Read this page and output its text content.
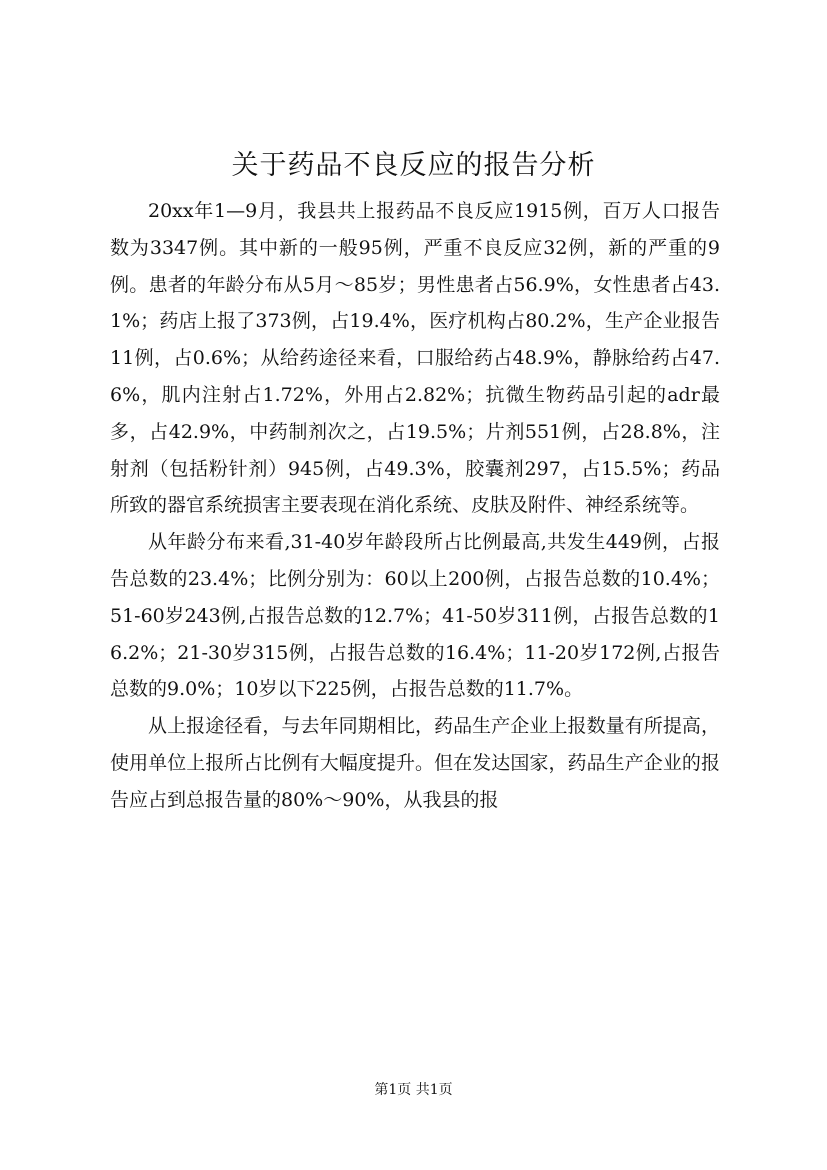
关于药品不良反应的报告分析

20xx年1—9月，我县共上报药品不良反应1915例，百万人口报告数为3347例。其中新的一般95例，严重不良反应32例，新的严重的9例。患者的年龄分布从5月～85岁；男性患者占56.9%，女性患者占43.1%；药店上报了373例，占19.4%，医疗机构占80.2%，生产企业报告11例，占0.6%；从给药途径来看，口服给药占48.9%，静脉给药占47.6%，肌内注射占1.72%，外用占2.82%；抗微生物药品引起的adr最多，占42.9%，中药制剂次之，占19.5%；片剂551例，占28.8%，注射剂（包括粉针剂）945例，占49.3%，胶囊剂297，占15.5%；药品所致的器官系统损害主要表现在消化系统、皮肤及附件、神经系统等。

从年龄分布来看,31-40岁年龄段所占比例最高,共发生449例，占报告总数的23.4%；比例分别为：60以上200例，占报告总数的10.4%；51-60岁243例,占报告总数的12.7%；41-50岁311例，占报告总数的16.2%；21-30岁315例，占报告总数的16.4%；11-20岁172例,占报告总数的9.0%；10岁以下225例，占报告总数的11.7%。

从上报途径看，与去年同期相比，药品生产企业上报数量有所提高，使用单位上报所占比例有大幅度提升。但在发达国家，药品生产企业的报告应占到总报告量的80%～90%，从我县的报

第1页 共1页
